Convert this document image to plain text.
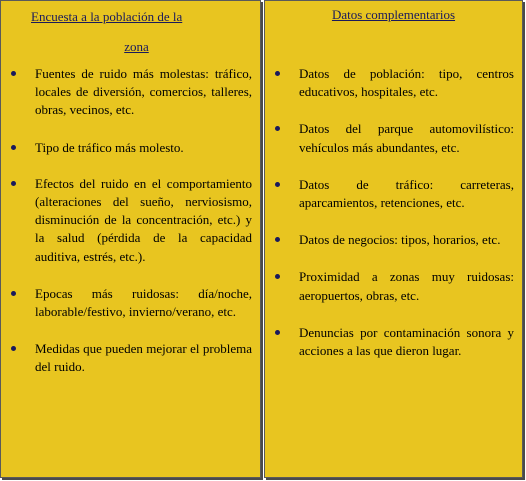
Encuesta a la población de la
zona
Fuentes de ruido más molestas: tráfico, locales de diversión, comercios, talleres, obras, vecinos, etc.
Tipo de tráfico más molesto.
Efectos del ruido en el comportamiento (alteraciones del sueño, nerviosismo, disminución de la concentración, etc.) y la salud (pérdida de la capacidad auditiva, estrés, etc.).
Epocas más ruidosas: día/noche, laborable/festivo, invierno/verano, etc.
Medidas que pueden mejorar el problema del ruido.
Datos complementarios
Datos de población: tipo, centros educativos, hospitales, etc.
Datos del parque automovilístico: vehículos más abundantes, etc.
Datos de tráfico: carreteras, aparcamientos, retenciones, etc.
Datos de negocios: tipos, horarios, etc.
Proximidad a zonas muy ruidosas: aeropuertos, obras, etc.
Denuncias por contaminación sonora y acciones a las que dieron lugar.
